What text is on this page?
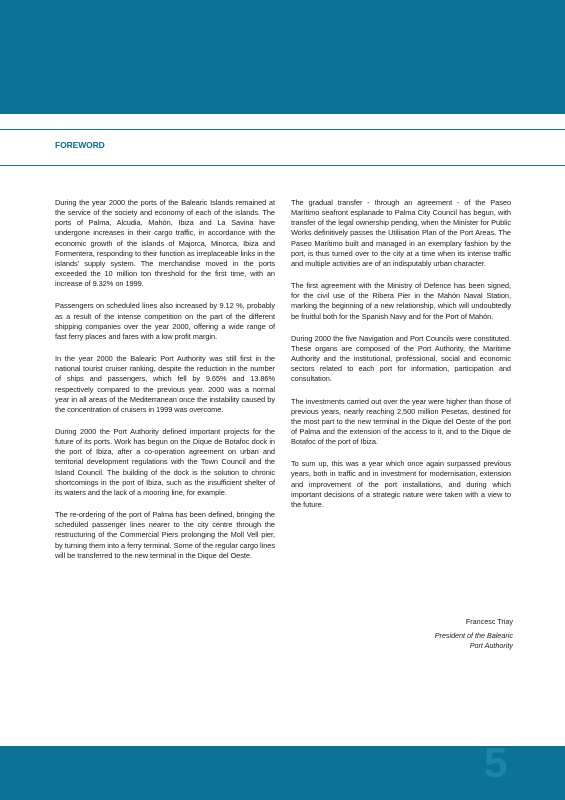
FOREWORD

During the year 2000 the ports of the Balearic Islands remained at the service of the society and economy of each of the islands. The ports of Palma, Alcudia, Mahón, Ibiza and La Savina have undergone increases in their cargo traffic, in accordance with the economic growth of the islands of Majorca, Minorca, Ibiza and Formentera, responding to their function as irreplaceable links in the islands' supply system. The merchandise moved in the ports exceeded the 10 million ton threshold for the first time, with an increase of 9.32% on 1999.

Passengers on scheduled lines also increased by 9.12 %, probably as a result of the intense competition on the part of the different shipping companies over the year 2000, offering a wide range of fast ferry places and fares with a low profit margin.

In the year 2000 the Balearic Port Authority was still first in the national tourist cruiser ranking, despite the reduction in the number of ships and passengers, which fell by 9.65% and 13.86% respectively compared to the previous year. 2000 was a normal year in all areas of the Mediterranean once the instability caused by the concentration of cruisers in 1999 was overcome.

During 2000 the Port Authority defined important projects for the future of its ports. Work has begun on the Dique de Botafoc dock in the port of Ibiza, after a co-operation agreement on urban and territorial development regulations with the Town Council and the Island Council. The building of the dock is the solution to chronic shortcomings in the port of Ibiza, such as the insufficient shelter of its waters and the lack of a mooring line, for example.

The re-ordering of the port of Palma has been defined, bringing the scheduled passenger lines nearer to the city centre through the restructuring of the Commercial Piers prolonging the Moll Vell pier, by turning them into a ferry terminal. Some of the regular cargo lines will be transferred to the new terminal in the Dique del Oeste.

The gradual transfer - through an agreement - of the Paseo Marítimo seafront esplanade to Palma City Council has begun, with transfer of the legal ownership pending, when the Minister for Public Works definitively passes the Utilisation Plan of the Port Areas. The Paseo Marítimo built and managed in an exemplary fashion by the port, is thus turned over to the city at a time when its intense traffic and multiple activities are of an indisputably urban character.

The first agreement with the Ministry of Defence has been signed, for the civil use of the Ribera Pier in the Mahón Naval Station, marking the beginning of a new relationship, which will undoubtedly be fruitful both for the Spanish Navy and for the Port of Mahón.

During 2000 the five Navigation and Port Councils were constituted. These organs are composed of the Port Authority, the Maritime Authority and the institutional, professional, social and economic sectors related to each port for information, participation and consultation.

The investments carried out over the year were higher than those of previous years, nearly reaching 2,500 million Pesetas, destined for the most part to the new terminal in the Dique del Oeste of the port of Palma and the extension of the access to it, and to the Dique de Botafoc of the port of Ibiza.

To sum up, this was a year which once again surpassed previous years, both in traffic and in investment for modernisation, extension and improvement of the port installations, and during which important decisions of a strategic nature were taken with a view to the future.

Francesc Triay
President of the Balearic
Port Authority
5
